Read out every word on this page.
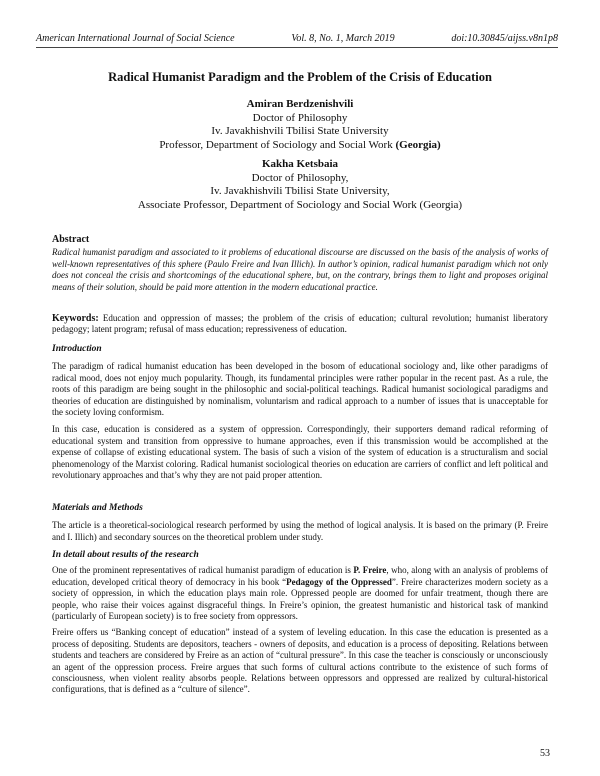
American International Journal of Social Science	Vol. 8, No. 1, March 2019	doi:10.30845/aijss.v8n1p8
Radical Humanist Paradigm and the Problem of the Crisis of Education
Amiran Berdzenishvili
Doctor of Philosophy
Iv. Javakhishvili Tbilisi State University
Professor, Department of Sociology and Social Work (Georgia)
Kakha Ketsbaia
Doctor of Philosophy,
Iv. Javakhishvili Tbilisi State University,
Associate Professor, Department of Sociology and Social Work (Georgia)
Abstract

Radical humanist paradigm and associated to it problems of educational discourse are discussed on the basis of the analysis of works of well-known representatives of this sphere (Paulo Freire and Ivan Illich). In author’s opinion, radical humanist paradigm which not only does not conceal the crisis and shortcomings of the educational sphere, but, on the contrary, brings them to light and proposes original means of their solution, should be paid more attention in the modern educational practice.

Keywords: Education and oppression of masses; the problem of the crisis of education; cultural revolution; humanist liberatory pedagogy; latent program; refusal of mass education; repressiveness of education.

Introduction

The paradigm of radical humanist education has been developed in the bosom of educational sociology and, like other paradigms of radical mood, does not enjoy much popularity. Though, its fundamental principles were rather popular in the recent past. As a rule, the roots of this paradigm are being sought in the philosophic and social-political teachings. Radical humanist sociological paradigms and theories of education are distinguished by nominalism, voluntarism and radical approach to a number of issues that is unacceptable for the society loving conformism.

In this case, education is considered as a system of oppression. Correspondingly, their supporters demand radical reforming of educational system and transition from oppressive to humane approaches, even if this transmission would be accomplished at the expense of collapse of existing educational system. The basis of such a vision of the system of education is a structuralism and social phenomenology of the Marxist coloring. Radical humanist sociological theories on education are carriers of conflict and left political and revolutionary approaches and that’s why they are not paid proper attention.

Materials and Methods

The article is a theoretical-sociological research performed by using the method of logical analysis. It is based on the primary (P. Freire and I. Illich) and secondary sources on the theoretical problem under study.

In detail about results of the research

One of the prominent representatives of radical humanist paradigm of education is P. Freire, who, along with an analysis of problems of education, developed critical theory of democracy in his book “Pedagogy of the Oppressed”. Freire characterizes modern society as a society of oppression, in which the education plays main role. Oppressed people are doomed for unfair treatment, though there are people, who raise their voices against disgraceful things. In Freire’s opinion, the greatest humanistic and historical task of mankind (particularly of European society) is to free society from oppressors.

Freire offers us “Banking concept of education” instead of a system of leveling education. In this case the education is presented as a process of depositing. Students are depositors, teachers - owners of deposits, and education is a process of depositing. Relations between students and teachers are considered by Freire as an action of “cultural pressure”. In this case the teacher is consciously or unconsciously an agent of the oppression process. Freire argues that such forms of cultural actions contribute to the existence of such forms of consciousness, when violent reality absorbs people. Relations between oppressors and oppressed are realized by cultural-historical configurations, that is defined as a “culture of silence”.

53
